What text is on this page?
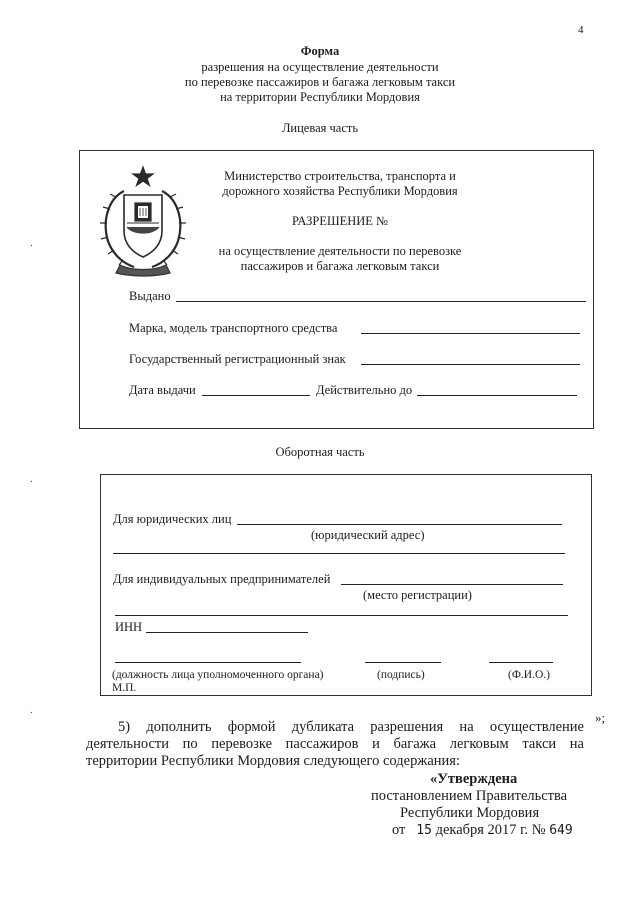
4
Форма
разрешения на осуществление деятельности
по перевозке пассажиров и багажа легковым такси
на территории Республики Мордовия
Лицевая часть
Министерство строительства, транспорта и
дорожного хозяйства Республики Мордовия
РАЗРЕШЕНИЕ №
на осуществление деятельности по перевозке
пассажиров и багажа легковым такси
Выдано
Марка, модель транспортного средства
Государственный регистрационный знак
Дата выдачи	Действительно до
Оборотная часть
Для юридических лиц
(юридический адрес)
Для индивидуальных предпринимателей
(место регистрации)
ИНН
(должность лица уполномоченного органа)	(подпись)	(Ф.И.О.)
М.П.
»;
⸱
⸱
⸱
5) дополнить формой дубликата разрешения на осуществление
деятельности по перевозке пассажиров и багажа легковым такси на
территории Республики Мордовия следующего содержания:
«Утверждена
постановлением Правительства
Республики Мордовия
от 15 декабря 2017 г. № 649
